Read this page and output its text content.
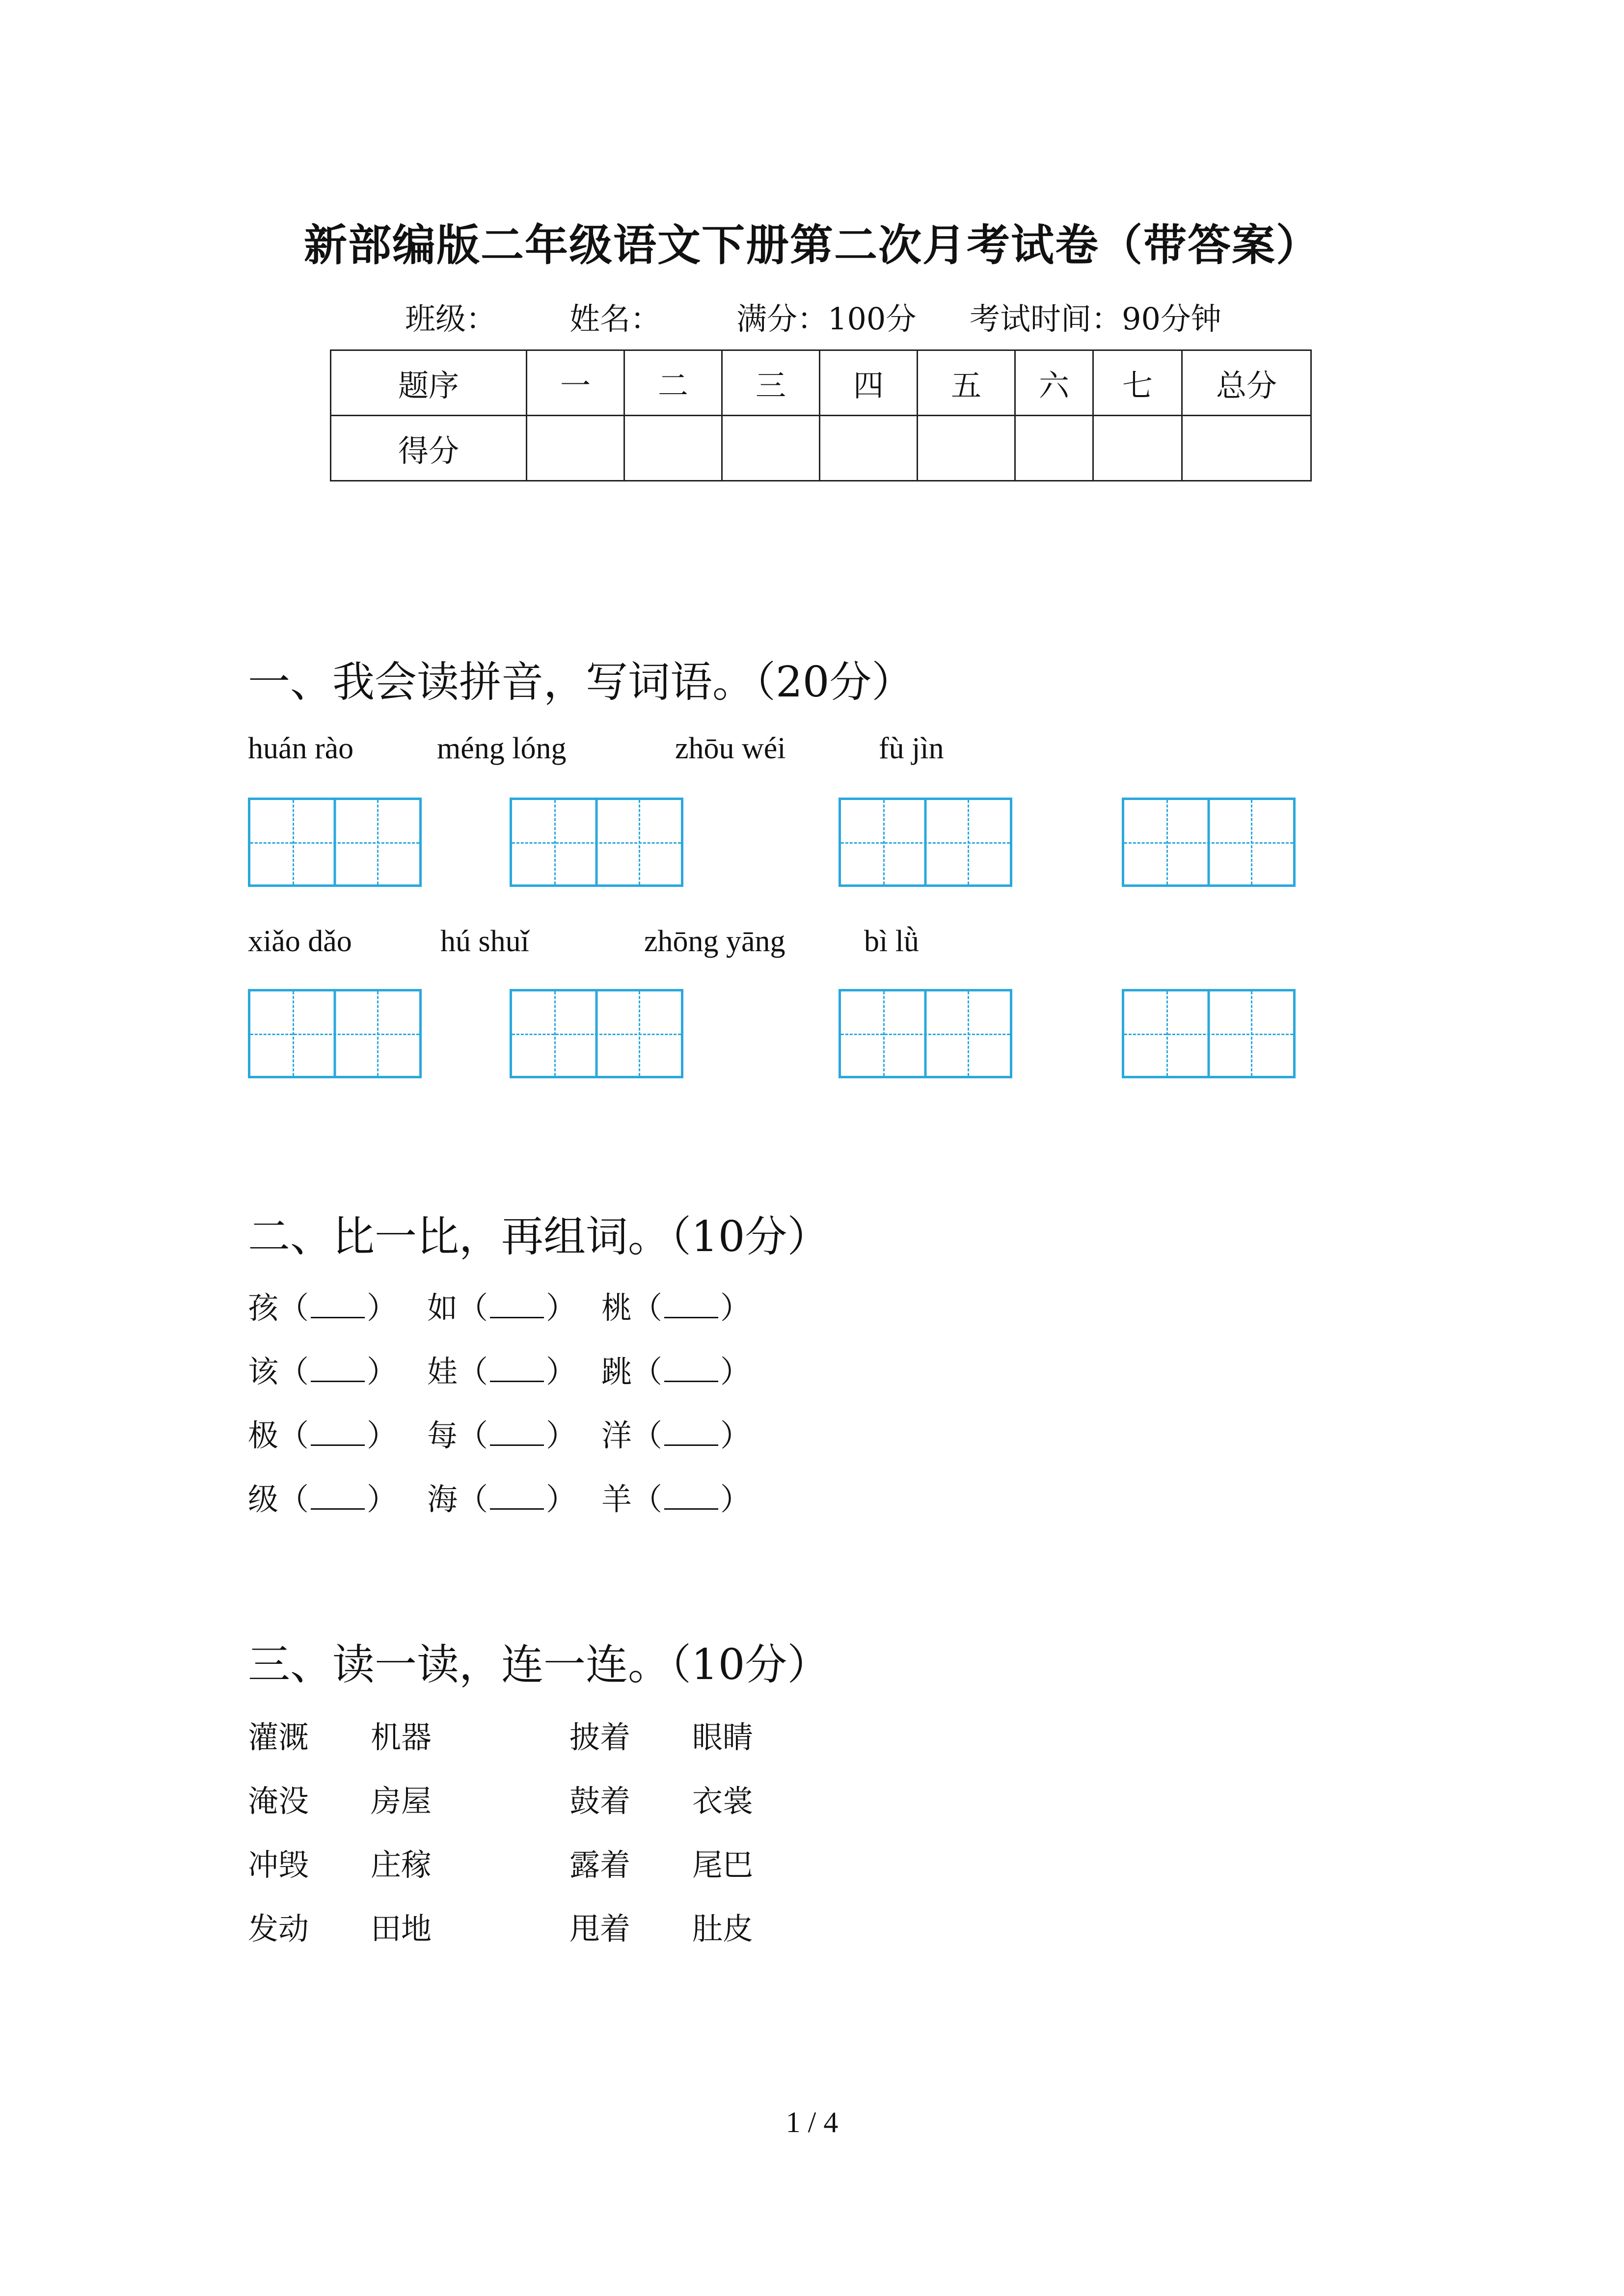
新部编版二年级语文下册第二次月考试卷（带答案）
班级： 姓名： 满分：100分 考试时间：90分钟
题序	一	二	三	四	五	六	七	总分
得分								
一、我会读拼音，写词语。（20分）
huán rào	méng lóng	zhōu wéi	fù jìn
xiǎo dǎo	hú shuǐ	zhōng yāng	bì lǜ
二、比一比，再组词。（10分）
孩（ ） 如（ ） 桃（ ）
该（ ） 娃（ ） 跳（ ）
极（ ） 每（ ） 洋（ ）
级（ ） 海（ ） 羊（ ）
三、读一读，连一连。（10分）
灌溉 机器	披着 眼睛
淹没 房屋	鼓着 衣裳
冲毁 庄稼	露着 尾巴
发动 田地	甩着 肚皮
1 / 4
